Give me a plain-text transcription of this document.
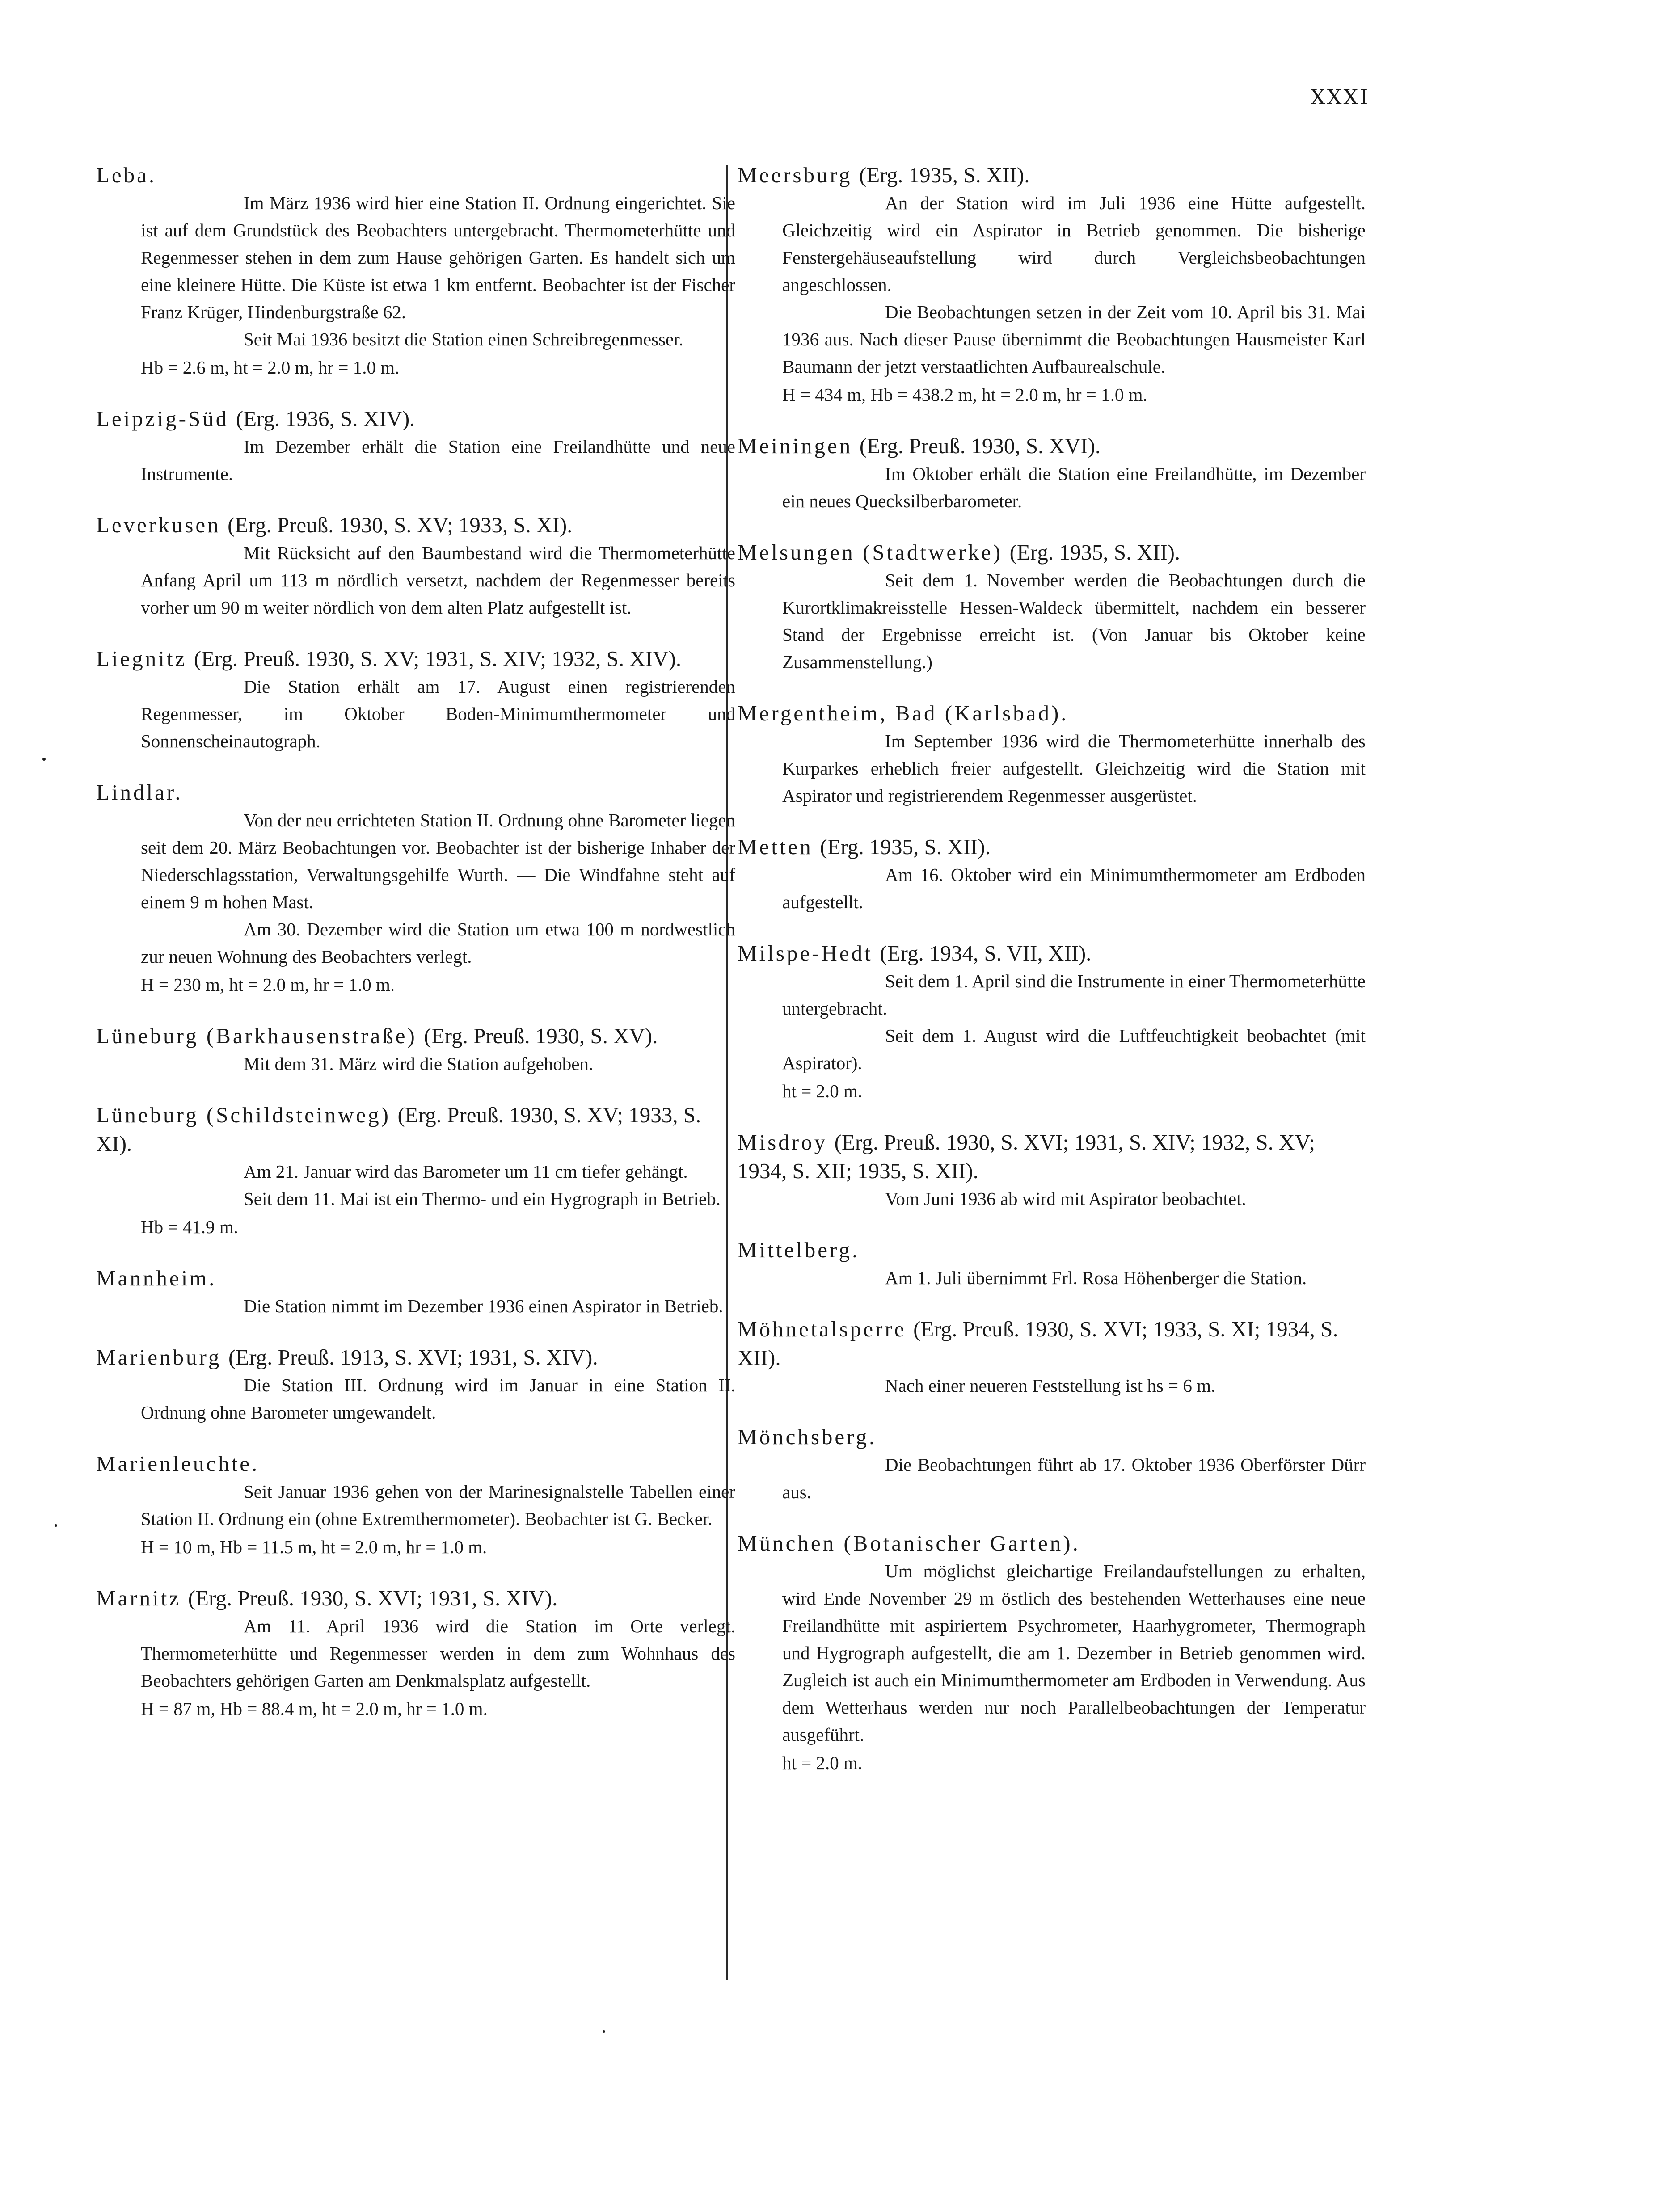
XXXI

Leba.

Im März 1936 wird hier eine Station II. Ordnung eingerichtet. Sie ist auf dem Grundstück des Beobachters untergebracht. Thermometerhütte und Regenmesser stehen in dem zum Hause gehörigen Garten. Es handelt sich um eine kleinere Hütte. Die Küste ist etwa 1 km entfernt. Beobachter ist der Fischer Franz Krüger, Hindenburgstraße 62.

Seit Mai 1936 besitzt die Station einen Schreibregenmesser.

Hb = 2.6 m, ht = 2.0 m, hr = 1.0 m.

Leipzig-Süd (Erg. 1936, S. XIV).

Im Dezember erhält die Station eine Freilandhütte und neue Instrumente.

Leverkusen (Erg. Preuß. 1930, S. XV; 1933, S. XI).

Mit Rücksicht auf den Baumbestand wird die Thermometerhütte Anfang April um 113 m nördlich versetzt, nachdem der Regenmesser bereits vorher um 90 m weiter nördlich von dem alten Platz aufgestellt ist.

Liegnitz (Erg. Preuß. 1930, S. XV; 1931, S. XIV; 1932, S. XIV).

Die Station erhält am 17. August einen registrierenden Regenmesser, im Oktober Boden-Minimumthermometer und Sonnenscheinautograph.

Lindlar.

Von der neu errichteten Station II. Ordnung ohne Barometer liegen seit dem 20. März Beobachtungen vor. Beobachter ist der bisherige Inhaber der Niederschlagsstation, Verwaltungsgehilfe Wurth. — Die Windfahne steht auf einem 9 m hohen Mast.

Am 30. Dezember wird die Station um etwa 100 m nordwestlich zur neuen Wohnung des Beobachters verlegt.

H = 230 m, ht = 2.0 m, hr = 1.0 m.

Lüneburg (Barkhausenstraße) (Erg. Preuß. 1930, S. XV).

Mit dem 31. März wird die Station aufgehoben.

Lüneburg (Schildsteinweg) (Erg. Preuß. 1930, S. XV; 1933, S. XI).

Am 21. Januar wird das Barometer um 11 cm tiefer gehängt.

Seit dem 11. Mai ist ein Thermo- und ein Hygrograph in Betrieb.

Hb = 41.9 m.

Mannheim.

Die Station nimmt im Dezember 1936 einen Aspirator in Betrieb.

Marienburg (Erg. Preuß. 1913, S. XVI; 1931, S. XIV).

Die Station III. Ordnung wird im Januar in eine Station II. Ordnung ohne Barometer umgewandelt.

Marienleuchte.

Seit Januar 1936 gehen von der Marinesignalstelle Tabellen einer Station II. Ordnung ein (ohne Extremthermometer). Beobachter ist G. Becker.

H = 10 m, Hb = 11.5 m, ht = 2.0 m, hr = 1.0 m.

Marnitz (Erg. Preuß. 1930, S. XVI; 1931, S. XIV).

Am 11. April 1936 wird die Station im Orte verlegt. Thermometerhütte und Regenmesser werden in dem zum Wohnhaus des Beobachters gehörigen Garten am Denkmalsplatz aufgestellt.

H = 87 m, Hb = 88.4 m, ht = 2.0 m, hr = 1.0 m.

Meersburg (Erg. 1935, S. XII).

An der Station wird im Juli 1936 eine Hütte aufgestellt. Gleichzeitig wird ein Aspirator in Betrieb genommen. Die bisherige Fenstergehäuseaufstellung wird durch Vergleichsbeobachtungen angeschlossen.

Die Beobachtungen setzen in der Zeit vom 10. April bis 31. Mai 1936 aus. Nach dieser Pause übernimmt die Beobachtungen Hausmeister Karl Baumann der jetzt verstaatlichten Aufbaurealschule.

H = 434 m, Hb = 438.2 m, ht = 2.0 m, hr = 1.0 m.

Meiningen (Erg. Preuß. 1930, S. XVI).

Im Oktober erhält die Station eine Freilandhütte, im Dezember ein neues Quecksilberbarometer.

Melsungen (Stadtwerke) (Erg. 1935, S. XII).

Seit dem 1. November werden die Beobachtungen durch die Kurortklimakreisstelle Hessen-Waldeck übermittelt, nachdem ein besserer Stand der Ergebnisse erreicht ist. (Von Januar bis Oktober keine Zusammenstellung.)

Mergentheim, Bad (Karlsbad).

Im September 1936 wird die Thermometerhütte innerhalb des Kurparkes erheblich freier aufgestellt. Gleichzeitig wird die Station mit Aspirator und registrierendem Regenmesser ausgerüstet.

Metten (Erg. 1935, S. XII).

Am 16. Oktober wird ein Minimumthermometer am Erdboden aufgestellt.

Milspe-Hedt (Erg. 1934, S. VII, XII).

Seit dem 1. April sind die Instrumente in einer Thermometerhütte untergebracht.

Seit dem 1. August wird die Luftfeuchtigkeit beobachtet (mit Aspirator).

ht = 2.0 m.

Misdroy (Erg. Preuß. 1930, S. XVI; 1931, S. XIV; 1932, S. XV; 1934, S. XII; 1935, S. XII).

Vom Juni 1936 ab wird mit Aspirator beobachtet.

Mittelberg.

Am 1. Juli übernimmt Frl. Rosa Höhenberger die Station.

Möhnetalsperre (Erg. Preuß. 1930, S. XVI; 1933, S. XI; 1934, S. XII).

Nach einer neueren Feststellung ist hs = 6 m.

Mönchsberg.

Die Beobachtungen führt ab 17. Oktober 1936 Oberförster Dürr aus.

München (Botanischer Garten).

Um möglichst gleichartige Freilandaufstellungen zu erhalten, wird Ende November 29 m östlich des bestehenden Wetterhauses eine neue Freilandhütte mit aspiriertem Psychrometer, Haarhygrometer, Thermograph und Hygrograph aufgestellt, die am 1. Dezember in Betrieb genommen wird. Zugleich ist auch ein Minimumthermometer am Erdboden in Verwendung. Aus dem Wetterhaus werden nur noch Parallelbeobachtungen der Temperatur ausgeführt.

ht = 2.0 m.
